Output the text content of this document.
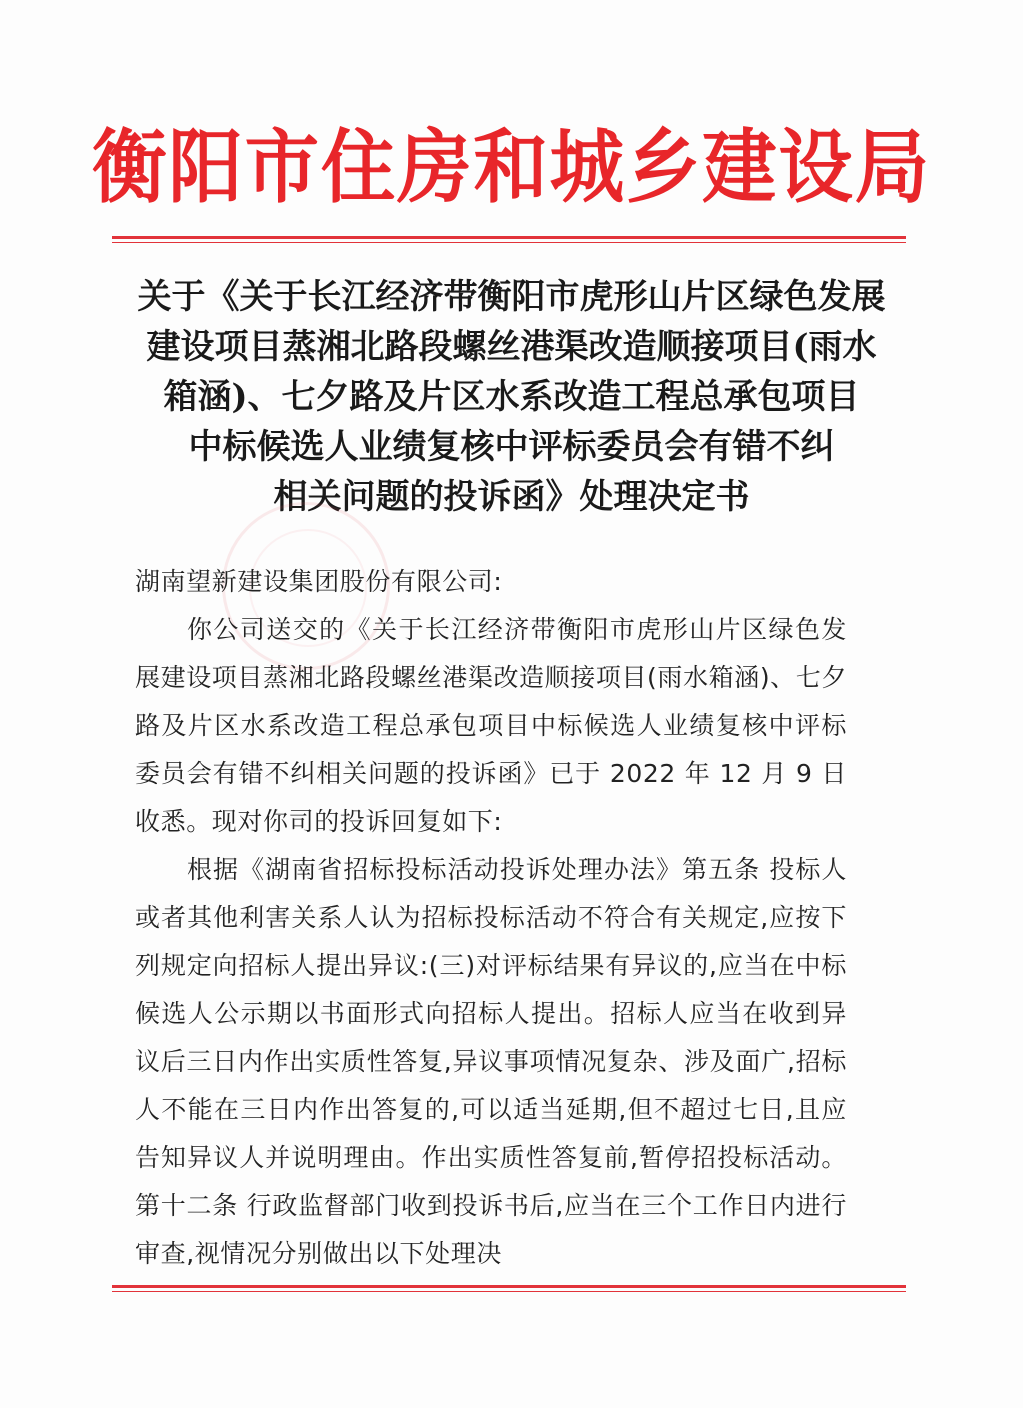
衡阳市住房和城乡建设局
关于《关于长江经济带衡阳市虎形山片区绿色发展
建设项目蒸湘北路段螺丝港渠改造顺接项目(雨水
箱涵)、七夕路及片区水系改造工程总承包项目
中标候选人业绩复核中评标委员会有错不纠
相关问题的投诉函》处理决定书

湖南望新建设集团股份有限公司:

你公司送交的《关于长江经济带衡阳市虎形山片区绿色发展建设项目蒸湘北路段螺丝港渠改造顺接项目(雨水箱涵)、七夕路及片区水系改造工程总承包项目中标候选人业绩复核中评标委员会有错不纠相关问题的投诉函》已于 2022 年 12 月 9 日收悉。现对你司的投诉回复如下:

根据《湖南省招标投标活动投诉处理办法》第五条 投标人或者其他利害关系人认为招标投标活动不符合有关规定,应按下列规定向招标人提出异议:(三)对评标结果有异议的,应当在中标候选人公示期以书面形式向招标人提出。招标人应当在收到异议后三日内作出实质性答复,异议事项情况复杂、涉及面广,招标人不能在三日内作出答复的,可以适当延期,但不超过七日,且应告知异议人并说明理由。作出实质性答复前,暂停招投标活动。第十二条 行政监督部门收到投诉书后,应当在三个工作日内进行审查,视情况分别做出以下处理决
